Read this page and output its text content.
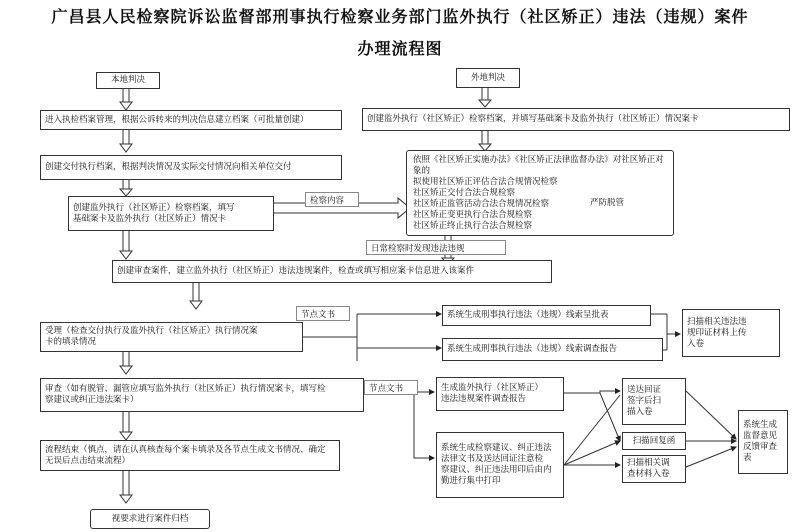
广昌县人民检察院诉讼监督部刑事执行检察业务部门监外执行（社区矫正）违法（违规）案件
办理流程图
本地判决	外地判决
进入执检档案管理，根据公诉转来的判决信息建立档案（可批量创建）	创建监外执行（社区矫正）检察档案，并填写基础案卡及监外执行（社区矫正）情况案卡
创建交付执行档案，根据判决情况及实际交付情况向相关单位交付
创建监外执行（社区矫正）检察档案，填写
基础案卡及监外执行（社区矫正）情况卡
检察内容
依照《社区矫正实施办法》《社区矫正法律监督办法》对社区矫正对象的
拟使用社区矫正评估合法合规情况检察
社区矫正交付合法合规检察
社区矫正监管活动合法合规情况检察
社区矫正变更执行合法合规检察
社区矫正终止执行合法合规检察
严防脱管
日常检察时发现违法违规
创建审查案件，建立监外执行（社区矫正）违法违规案件，检查或填写相应案卡信息进入该案件
节点文书
受理（检查交付执行及监外执行（社区矫正）执行情况案
卡的填录情况
系统生成刑事执行违法（违规）线索呈批表
系统生成刑事执行违法（违规）线索调查报告
扫描相关违法违
规印证材料上传
入卷
节点文书
审查（如有脱管、漏管应填写监外执行（社区矫正）执行情况案卡，填写检
察建议或纠正违法案卡）
生成监外执行（社区矫正）
违法违规案件调查报告
系统生成检察建议、纠正违法
法律文书及送达回证注意检
察建议、纠正违法用印后由内
勤进行集中打印
送达回证
签字后扫
描入卷
扫描回复函
扫描相关调
查材料入卷
系统生成
监督意见
反馈审查
表
流程结束（慎点，请在认真核查每个案卡填录及各节点生成文书情况、确定
无误后点击结束流程）
视要求进行案件归档
